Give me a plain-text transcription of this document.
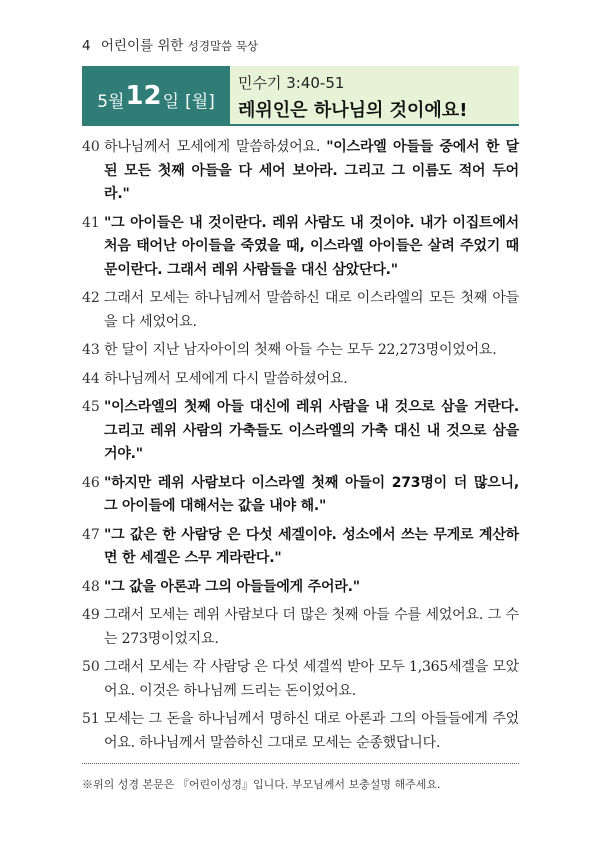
4 어린이를 위한 성경말씀 묵상
5월 12 일 [월]
민수기 3:40-51
레위인은 하나님의 것이에요!
40 하나님께서 모세에게 말씀하셨어요. "이스라엘 아들들 중에서 한 달 된 모든 첫째 아들을 다 세어 보아라. 그리고 그 이름도 적어 두어라."
41 "그 아이들은 내 것이란다. 레위 사람도 내 것이야. 내가 이집트에서 처음 태어난 아이들을 죽였을 때, 이스라엘 아이들은 살려 주었기 때문이란다. 그래서 레위 사람들을 대신 삼았단다."
42 그래서 모세는 하나님께서 말씀하신 대로 이스라엘의 모든 첫째 아들을 다 세었어요.
43 한 달이 지난 남자아이의 첫째 아들 수는 모두 22,273명이었어요.
44 하나님께서 모세에게 다시 말씀하셨어요.
45 "이스라엘의 첫째 아들 대신에 레위 사람을 내 것으로 삼을 거란다. 그리고 레위 사람의 가축들도 이스라엘의 가축 대신 내 것으로 삼을 거야."
46 "하지만 레위 사람보다 이스라엘 첫째 아들이 273명이 더 많으니, 그 아이들에 대해서는 값을 내야 해."
47 "그 값은 한 사람당 은 다섯 세겔이야. 성소에서 쓰는 무게로 계산하면 한 세겔은 스무 게라란다."
48 "그 값을 아론과 그의 아들들에게 주어라."
49 그래서 모세는 레위 사람보다 더 많은 첫째 아들 수를 세었어요. 그 수는 273명이었지요.
50 그래서 모세는 각 사람당 은 다섯 세겔씩 받아 모두 1,365세겔을 모았어요. 이것은 하나님께 드리는 돈이었어요.
51 모세는 그 돈을 하나님께서 명하신 대로 아론과 그의 아들들에게 주었어요. 하나님께서 말씀하신 그대로 모세는 순종했답니다.
※위의 성경 본문은 『어린이성경』입니다. 부모님께서 보충설명 해주세요.
